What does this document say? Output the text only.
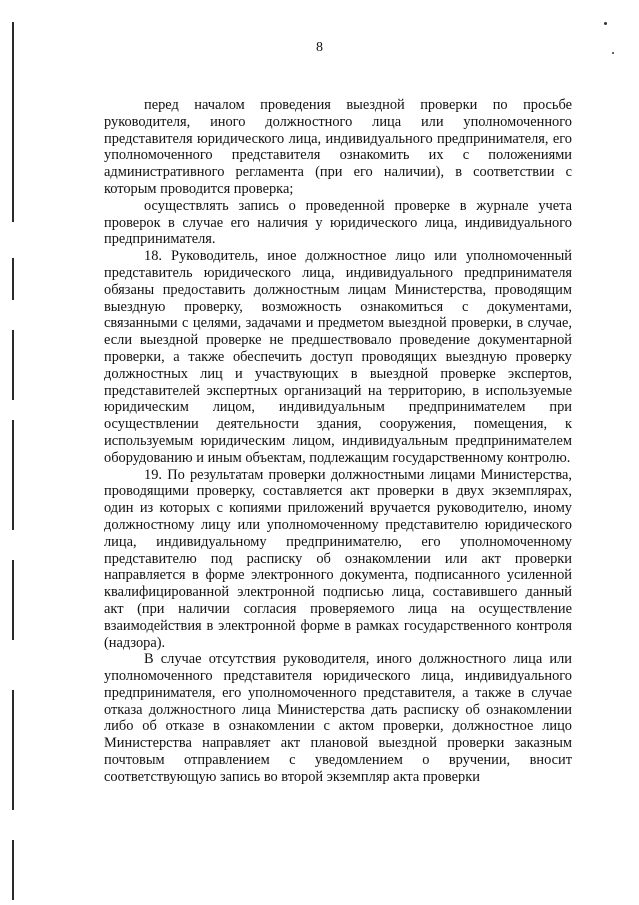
8

перед началом проведения выездной проверки по просьбе руководителя, иного должностного лица или уполномоченного представителя юридического лица, индивидуального предпринимателя, его уполномоченного представителя ознакомить их с положениями административного регламента (при его наличии), в соответствии с которым проводится проверка;

осуществлять запись о проведенной проверке в журнале учета проверок в случае его наличия у юридического лица, индивидуального предпринимателя.

18. Руководитель, иное должностное лицо или уполномоченный представитель юридического лица, индивидуального предпринимателя обязаны предоставить должностным лицам Министерства, проводящим выездную проверку, возможность ознакомиться с документами, связанными с целями, задачами и предметом выездной проверки, в случае, если выездной проверке не предшествовало проведение документарной проверки, а также обеспечить доступ проводящих выездную проверку должностных лиц и участвующих в выездной проверке экспертов, представителей экспертных организаций на территорию, в используемые юридическим лицом, индивидуальным предпринимателем при осуществлении деятельности здания, сооружения, помещения, к используемым юридическим лицом, индивидуальным предпринимателем оборудованию и иным объектам, подлежащим государственному контролю.

19. По результатам проверки должностными лицами Министерства, проводящими проверку, составляется акт проверки в двух экземплярах, один из которых с копиями приложений вручается руководителю, иному должностному лицу или уполномоченному представителю юридического лица, индивидуальному предпринимателю, его уполномоченному представителю под расписку об ознакомлении или акт проверки направляется в форме электронного документа, подписанного усиленной квалифицированной электронной подписью лица, составившего данный акт (при наличии согласия проверяемого лица на осуществление взаимодействия в электронной форме в рамках государственного контроля (надзора).

В случае отсутствия руководителя, иного должностного лица или уполномоченного представителя юридического лица, индивидуального предпринимателя, его уполномоченного представителя, а также в случае отказа должностного лица Министерства дать расписку об ознакомлении либо об отказе в ознакомлении с актом проверки, должностное лицо Министерства направляет акт плановой выездной проверки заказным почтовым отправлением с уведомлением о вручении, вносит соответствующую запись во второй экземпляр акта проверки
